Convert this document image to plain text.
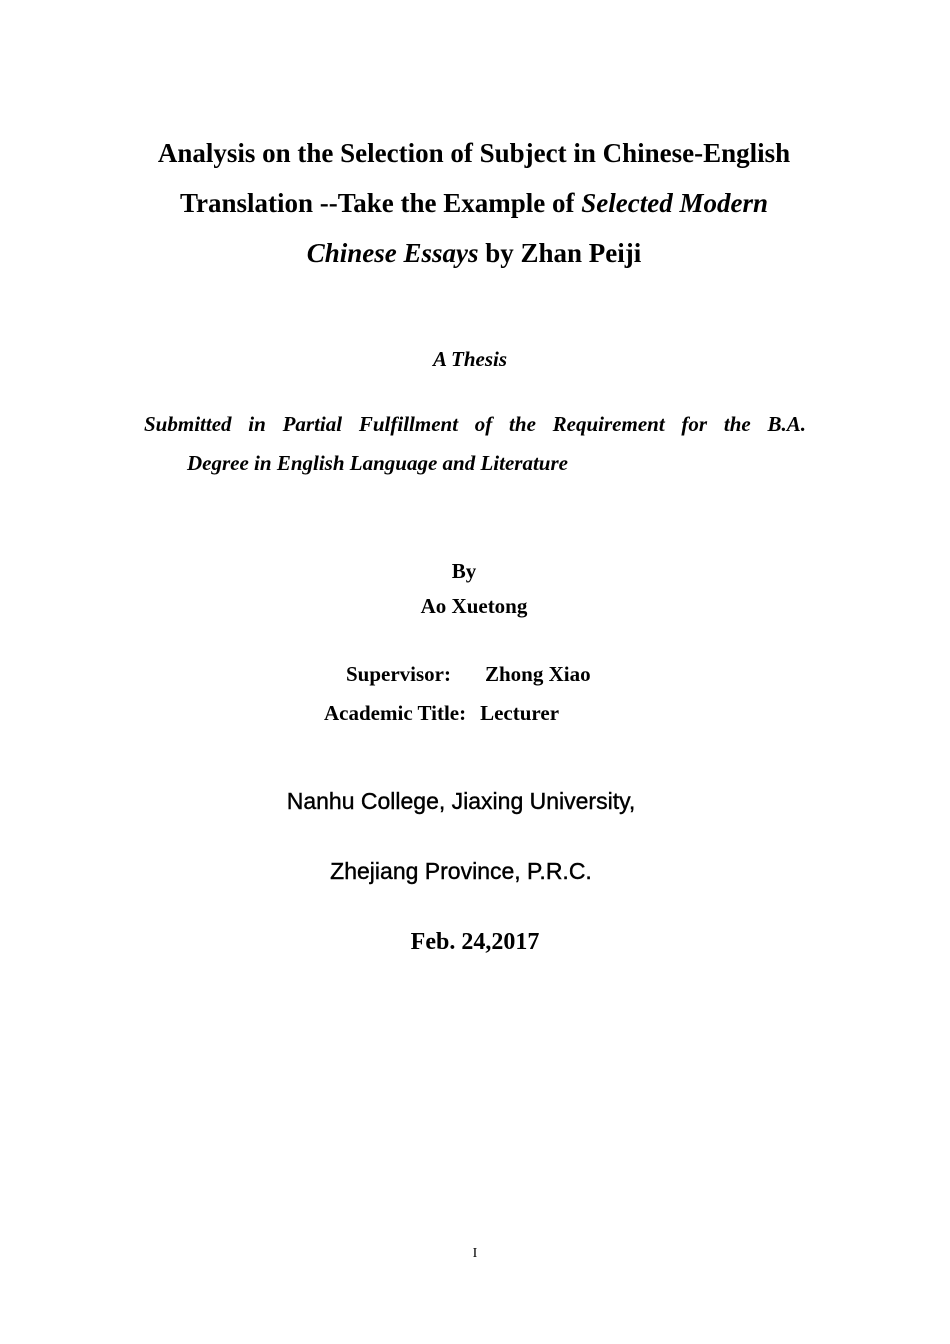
Analysis on the Selection of Subject in Chinese-English
Translation --Take the Example of Selected Modern
Chinese Essays by Zhan Peiji
A Thesis
Submitted in Partial Fulfillment of the Requirement for the B.A.
Degree in English Language and Literature
By
Ao Xuetong
Supervisor: Zhong Xiao
Academic Title: Lecturer
Nanhu College, Jiaxing University,
Zhejiang Province, P.R.C.
Feb. 24,2017
I
